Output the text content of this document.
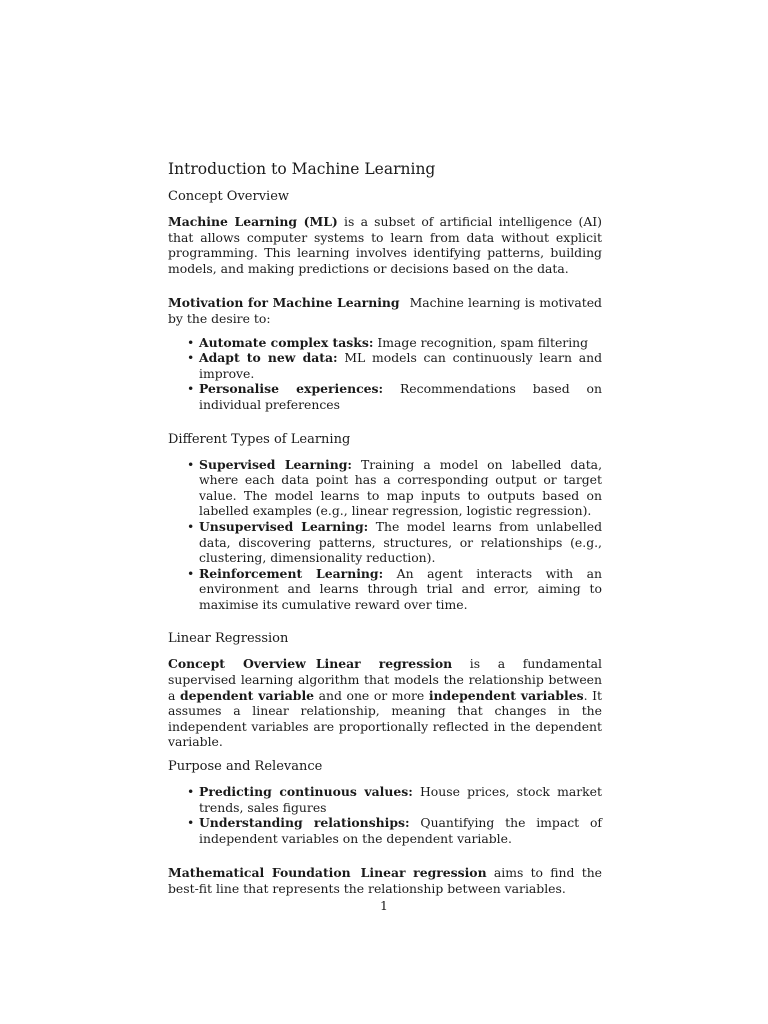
Introduction to Machine Learning
Concept Overview

Machine Learning (ML) is a subset of artificial intelligence (AI) that allows computer systems to learn from data without explicit programming. This learning involves identifying patterns, building models, and making predictions or decisions based on the data.

Motivation for Machine Learning Machine learning is motivated by the desire to:

• Automate complex tasks: Image recognition, spam filtering
• Adapt to new data: ML models can continuously learn and improve.
• Personalise experiences: Recommendations based on individual preferences
Different Types of Learning
• Supervised Learning: Training a model on labelled data, where each data point has a corresponding output or target value. The model learns to map inputs to outputs based on labelled examples (e.g., linear regression, logistic regression).
• Unsupervised Learning: The model learns from unlabelled data, discovering patterns, structures, or relationships (e.g., clustering, dimensionality reduction).
• Reinforcement Learning: An agent interacts with an environment and learns through trial and error, aiming to maximise its cumulative reward over time.
Linear Regression

Concept Overview Linear regression is a fundamental supervised learning algorithm that models the relationship between a dependent variable and one or more independent variables. It assumes a linear relationship, meaning that changes in the independent variables are proportionally reflected in the dependent variable.

Purpose and Relevance
• Predicting continuous values: House prices, stock market trends, sales figures
• Understanding relationships: Quantifying the impact of independent variables on the dependent variable.

Mathematical Foundation Linear regression aims to find the best-fit line that represents the relationship between variables.

1
